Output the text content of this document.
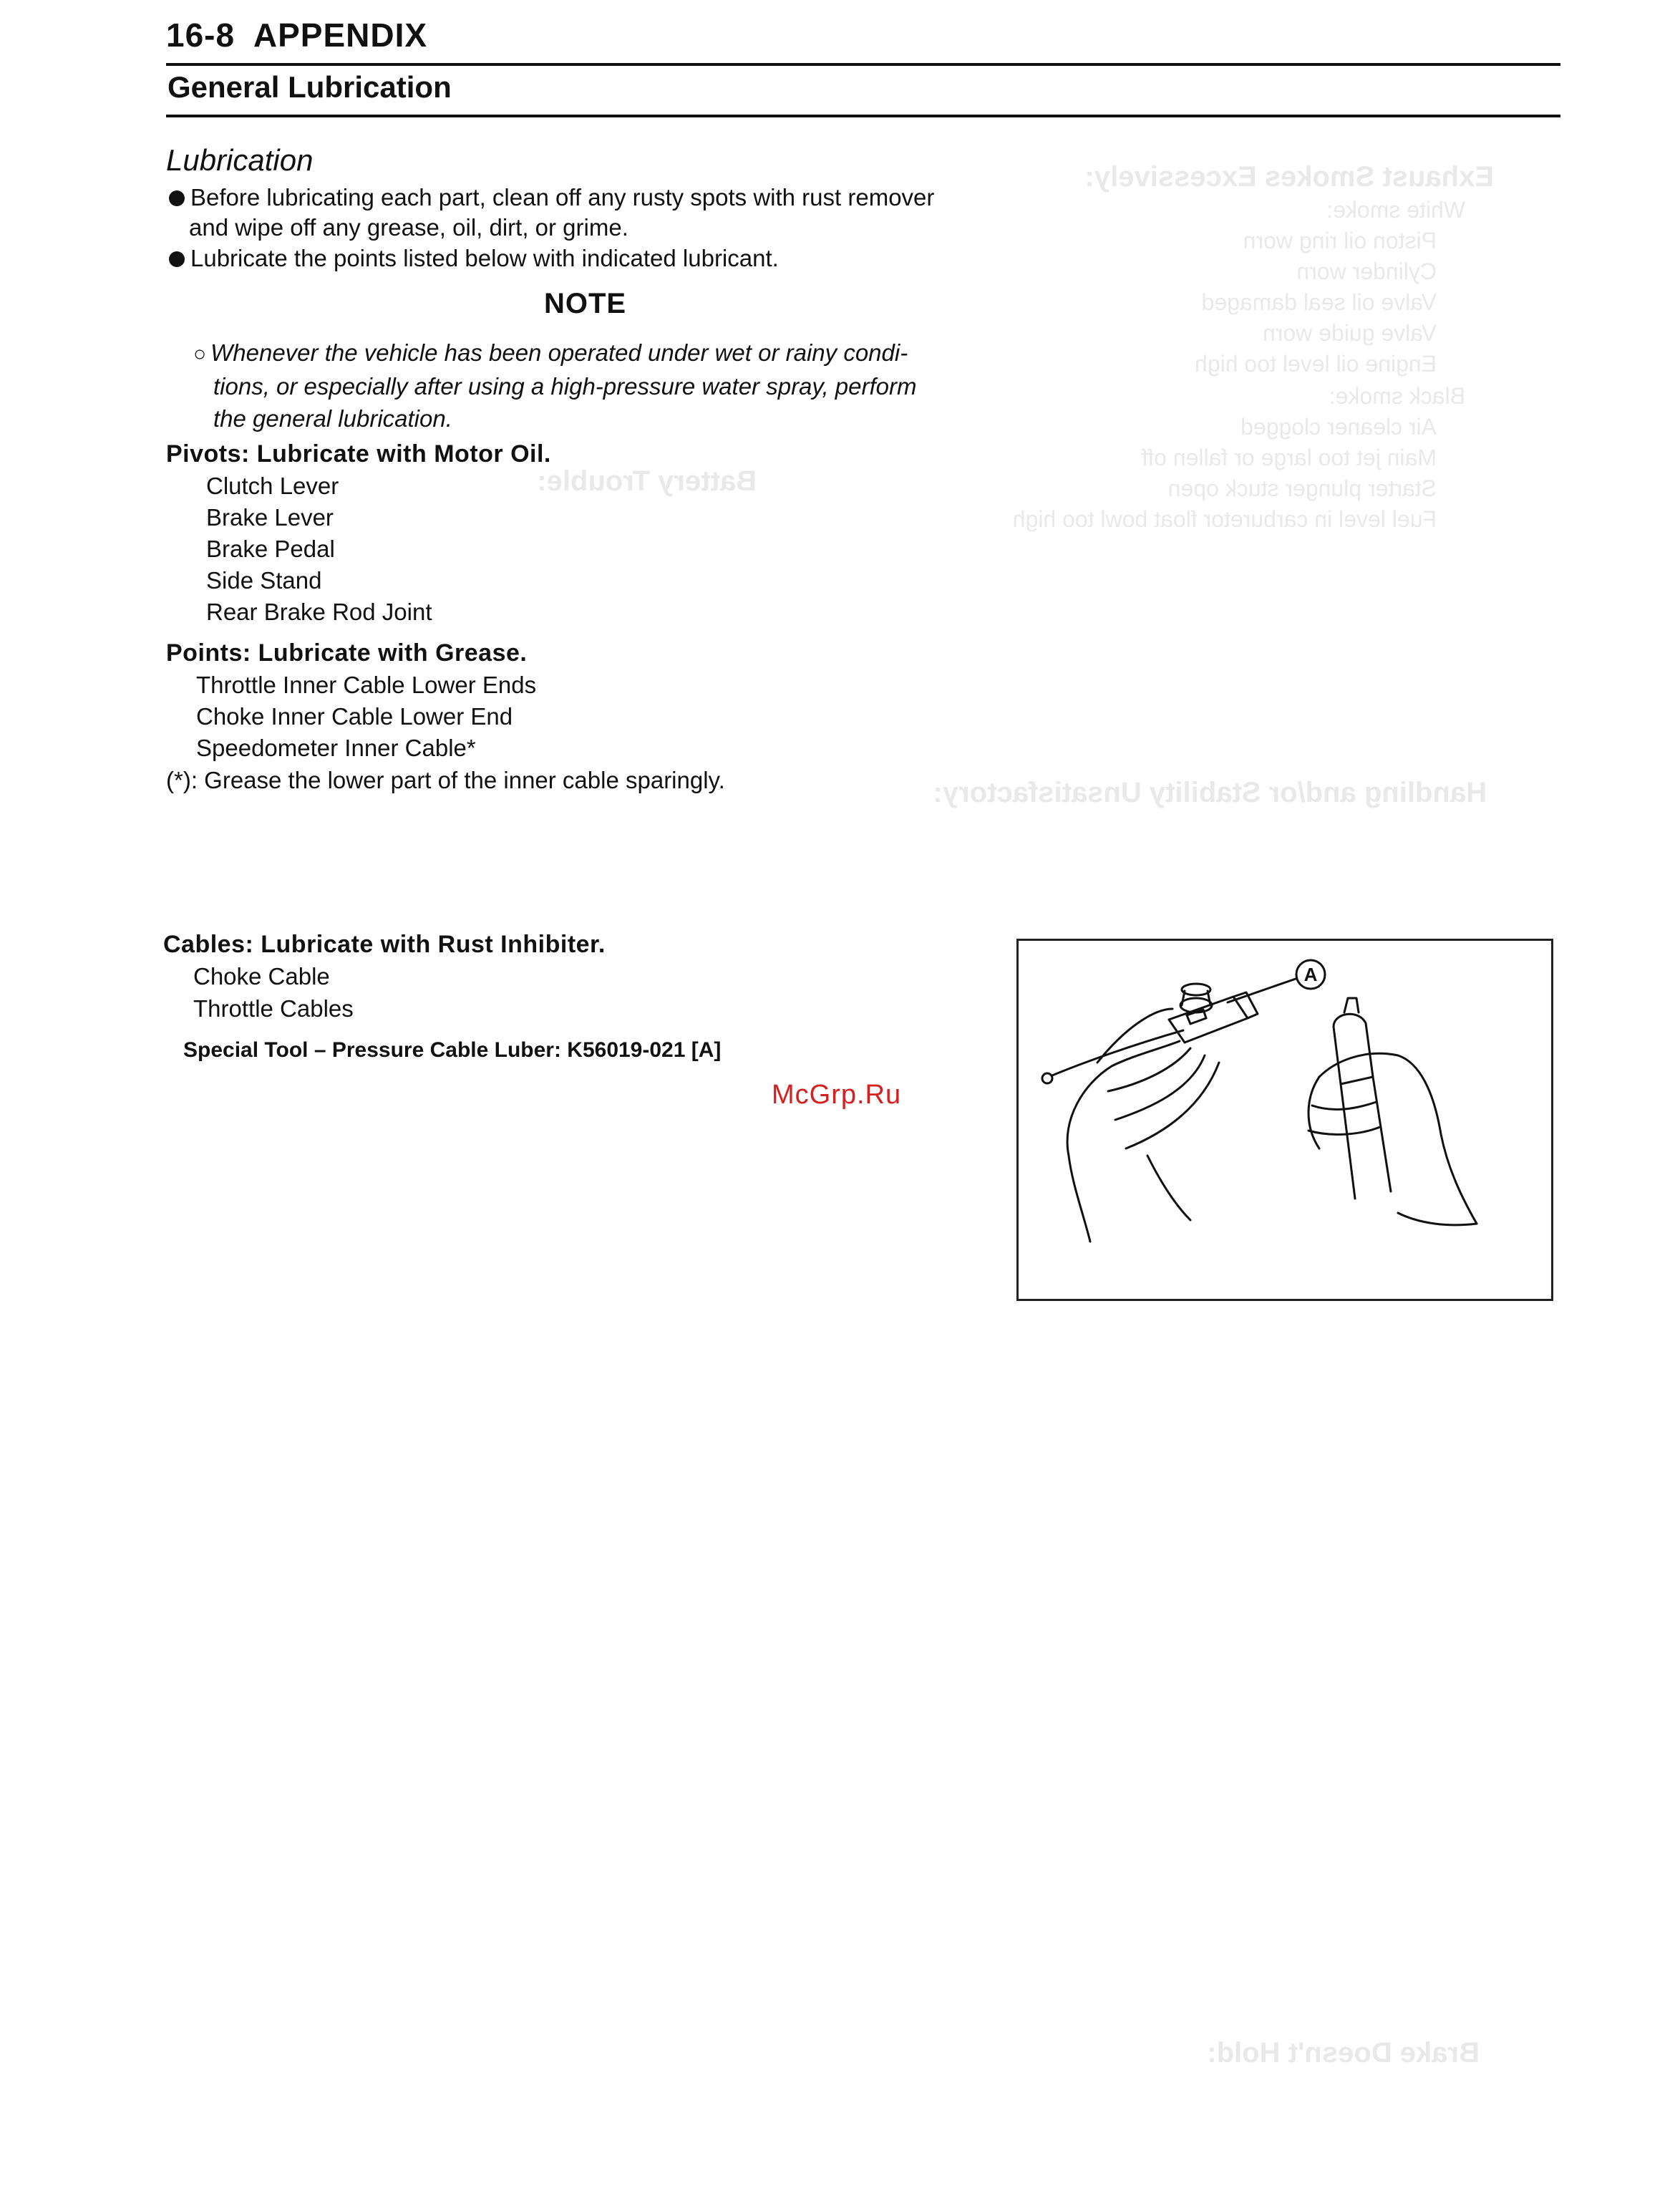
Exhaust Smokes Excessively:
White smoke:
Piston oil ring worn
Cylinder worn
Valve oil seal damaged
Valve guide worn
Engine oil level too high
Black smoke:
Air cleaner clogged
Main jet too large or fallen off
Starter plunger stuck open
Fuel level in carburetor float bowl too high
Battery Trouble:
Handling and/or Stability Unsatisfactory:
Brake Doesn't Hold:
16-8 APPENDIX
General Lubrication
Lubrication
Before lubricating each part, clean off any rusty spots with rust remover
and wipe off any grease, oil, dirt, or grime.
Lubricate the points listed below with indicated lubricant.
NOTE
○ Whenever the vehicle has been operated under wet or rainy condi-
tions, or especially after using a high-pressure water spray, perform
the general lubrication.
Pivots: Lubricate with Motor Oil.
Clutch Lever
Brake Lever
Brake Pedal
Side Stand
Rear Brake Rod Joint
Points: Lubricate with Grease.
Throttle Inner Cable Lower Ends
Choke Inner Cable Lower End
Speedometer Inner Cable*
(*): Grease the lower part of the inner cable sparingly.
Cables: Lubricate with Rust Inhibiter.
Choke Cable
Throttle Cables
Special Tool – Pressure Cable Luber: K56019-021 [A]
McGrp.Ru
A
